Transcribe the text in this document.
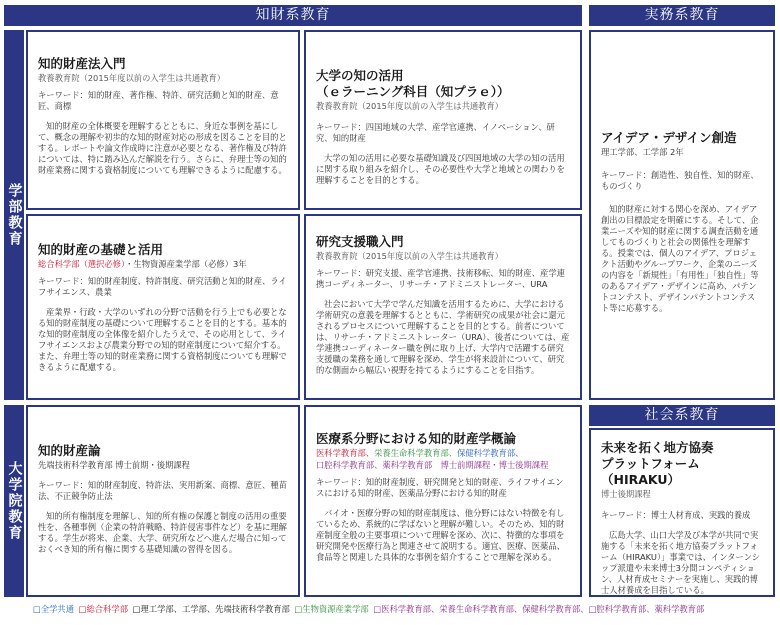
知財系教育	実務系教育
社会系教育
学部教育
大学院教育
知的財産法入門
教養教育院（2015年度以前の入学生は共通教育）
キーワード：知的財産、著作権、特許、研究活動と知的財産、意匠、商標
知的財産の全体概要を理解するとともに、身近な事例を基にして、概念の理解や初歩的な知的財産対応の形成を図ることを目的とする。レポートや論文作成時に注意が必要となる、著作権及び特許については、特に踏み込んだ解説を行う。さらに、弁理士等の知的財産業務に関する資格制度についても理解できるように配慮する。
大学の知の活用
（ｅラーニング科目（知プラｅ））
教養教育院（2015年度以前の入学生は共通教育）
キーワード：四国地域の大学、産学官連携、イノベーション、研究、知的財産
大学の知の活用に必要な基礎知識及び四国地域の大学の知の活用に関する取り組みを紹介し、その必要性や大学と地域との関わりを理解することを目的とする。
アイデア・デザイン創造
理工学部、工学部 2年
キーワード：創造性、独自性、知的財産、ものづくり
知的財産に対する関心を深め、アイデア創出の目標設定を明確にする。そして、企業ニーズや知的財産に関する調査活動を通してものづくりと社会の関係性を理解する。授業では、個人のアイデア、プロジェクト活動やグループワーク、企業のニーズの内容を「新規性」「有用性」「独自性」等のあるアイデア・デザインに高め、パテントコンテスト、デザインパテントコンテスト等に応募する。
知的財産の基礎と活用
総合科学部（選択必修）・生物資源産業学部（必修）3年
キーワード：知的財産制度、特許制度、研究活動と知的財産、ライフサイエンス、農業
産業界・行政・大学のいずれの分野で活動を行う上でも必要となる知的財産制度の基礎について理解することを目的とする。基本的な知的財産制度の全体像を紹介したうえで、その応用として、ライフサイエンスおよび農業分野での知的財産制度について紹介する。また、弁理士等の知的財産業務に関する資格制度についても理解できるように配慮する。
研究支援職入門
教養教育院（2015年度以前の入学生は共通教育）
キーワード：研究支援、産学官連携、技術移転、知的財産、産学連携コーディネーター、リサーチ・アドミニストレーター、URA
社会において大学で学んだ知識を活用するために、大学における学術研究の意義を理解するとともに、学術研究の成果が社会に還元されるプロセスについて理解することを目的とする。前者については、リサーチ・アドミニストレーター（URA）、後者については、産学連携コーディネーター職を例に取り上げ、大学内で活躍する研究支援職の業務を通して理解を深め、学生が将来設計について、研究的な側面から幅広い視野を持てるようにすることを目指す。
知的財産論
先端技術科学教育部 博士前期・後期課程
キーワード：知的財産制度、特許法、実用新案、商標、意匠、種苗法、不正競争防止法
知的所有権制度を理解し、知的所有権の保護と制度の活用の重要性を、各種事例（企業の特許戦略、特許侵害事件など）を基に理解する。学生が将来、企業、大学、研究所などへ進んだ場合に知っておくべき知的所有権に関する基礎知識の習得を図る。
医療系分野における知的財産学概論
医科学教育部、栄養生命科学教育部、保健科学教育部、
口腔科学教育部、薬科学教育部　 博士前期課程・博士後期課程
キーワード：知的財産制度、研究開発と知的財産、ライフサイエンスにおける知的財産、医薬品分野における知的財産
バイオ・医療分野の知的財産制度は、他分野にはない特徴を有しているため、系統的に学ばないと理解が難しい。そのため、知的財産制度全般の主要事項について理解を深め、次に、特徴的な事項を研究開発や医療行為と関連させて説明する。適宜、医療、医薬品、食品等と関連した具体的な事例を紹介することで理解を深める。
未来を拓く地方協奏
プラットフォーム（HIRAKU）
博士後期課程
キーワード：博士人材育成、実践的養成
広島大学、山口大学及び本学が共同で実施する「未来を拓く地方協奏プラットフォーム（HIRAKU）」事業では、インターンシップ派遣や未来博士3分間コンペティション、人材育成セミナーを実施し、実践的博士人材養成を目指している。
□全学共通 □総合科学部 □理工学部、工学部、先端技術科学教育部 □生物資源産業学部 □医科学教育部、栄養生命科学教育部、保健科学教育部、□腔科学教育部、薬科学教育部
